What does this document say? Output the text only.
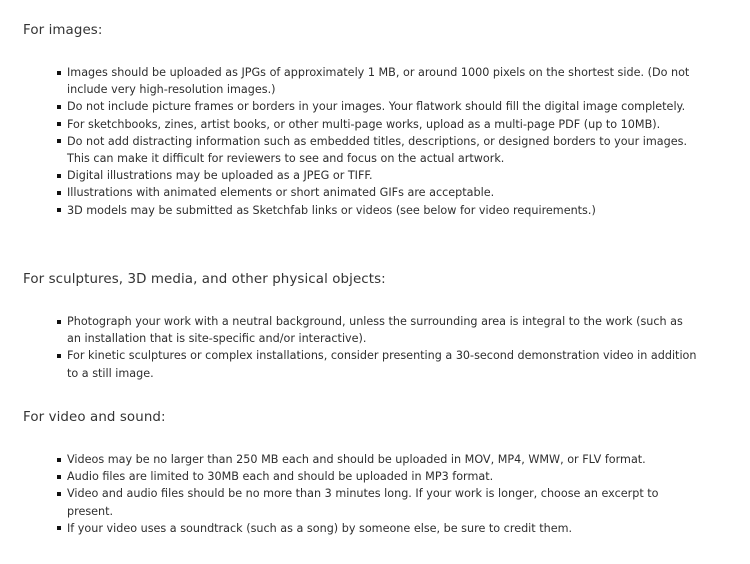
For images:
Images should be uploaded as JPGs of approximately 1 MB, or around 1000 pixels on the shortest side. (Do not include very high-resolution images.)
Do not include picture frames or borders in your images. Your flatwork should fill the digital image completely.
For sketchbooks, zines, artist books, or other multi-page works, upload as a multi-page PDF (up to 10MB).
Do not add distracting information such as embedded titles, descriptions, or designed borders to your images. This can make it difficult for reviewers to see and focus on the actual artwork.
Digital illustrations may be uploaded as a JPEG or TIFF.
Illustrations with animated elements or short animated GIFs are acceptable.
3D models may be submitted as Sketchfab links or videos (see below for video requirements.)
For sculptures, 3D media, and other physical objects:
Photograph your work with a neutral background, unless the surrounding area is integral to the work (such as an installation that is site-specific and/or interactive).
For kinetic sculptures or complex installations, consider presenting a 30-second demonstration video in addition to a still image.
For video and sound:
Videos may be no larger than 250 MB each and should be uploaded in MOV, MP4, WMW, or FLV format.
Audio files are limited to 30MB each and should be uploaded in MP3 format.
Video and audio files should be no more than 3 minutes long. If your work is longer, choose an excerpt to present.
If your video uses a soundtrack (such as a song) by someone else, be sure to credit them.
